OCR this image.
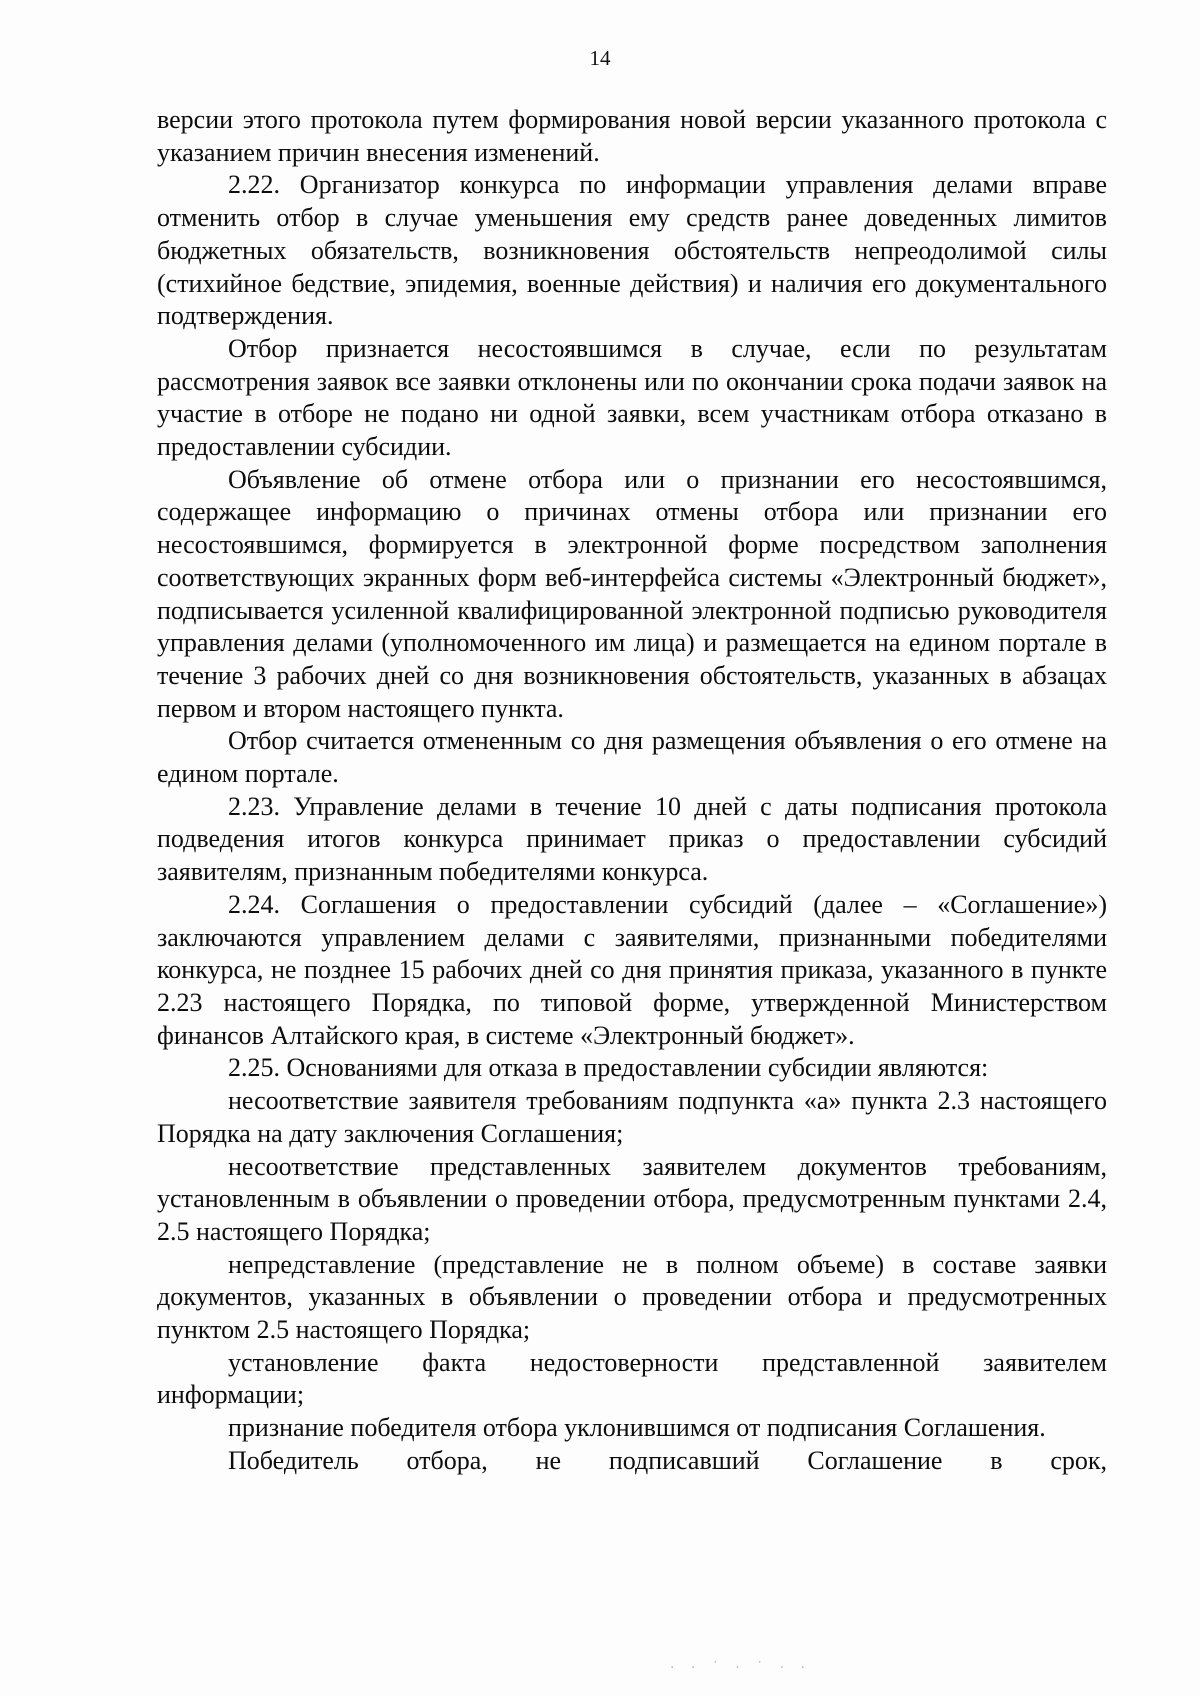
14

версии этого протокола путем формирования новой версии указанного протокола с указанием причин внесения изменений.

2.22. Организатор конкурса по информации управления делами вправе отменить отбор в случае уменьшения ему средств ранее доведенных лимитов бюджетных обязательств, возникновения обстоятельств непреодолимой силы (стихийное бедствие, эпидемия, военные действия) и наличия его документального подтверждения.

Отбор признается несостоявшимся в случае, если по результатам рассмотрения заявок все заявки отклонены или по окончании срока подачи заявок на участие в отборе не подано ни одной заявки, всем участникам отбора отказано в предоставлении субсидии.

Объявление об отмене отбора или о признании его несостоявшимся, содержащее информацию о причинах отмены отбора или признании его несостоявшимся, формируется в электронной форме посредством заполнения соответствующих экранных форм веб-интерфейса системы «Электронный бюджет», подписывается усиленной квалифицированной электронной подписью руководителя управления делами (уполномоченного им лица) и размещается на едином портале в течение 3 рабочих дней со дня возникновения обстоятельств, указанных в абзацах первом и втором настоящего пункта.

Отбор считается отмененным со дня размещения объявления о его отмене на едином портале.

2.23. Управление делами в течение 10 дней с даты подписания протокола подведения итогов конкурса принимает приказ о предоставлении субсидий заявителям, признанным победителями конкурса.

2.24. Соглашения о предоставлении субсидий (далее – «Соглашение») заключаются управлением делами с заявителями, признанными победителями конкурса, не позднее 15 рабочих дней со дня принятия приказа, указанного в пункте 2.23 настоящего Порядка, по типовой форме, утвержденной Министерством финансов Алтайского края, в системе «Электронный бюджет».

2.25. Основаниями для отказа в предоставлении субсидии являются:

несоответствие заявителя требованиям подпункта «а» пункта 2.3 настоящего Порядка на дату заключения Соглашения;

несоответствие представленных заявителем документов требованиям, установленным в объявлении о проведении отбора, предусмотренным пунктами 2.4, 2.5 настоящего Порядка;

непредставление (представление не в полном объеме) в составе заявки документов, указанных в объявлении о проведении отбора и предусмотренных пунктом 2.5 настоящего Порядка;

установление факта недостоверности представленной заявителем информации;

признание победителя отбора уклонившимся от подписания Соглашения.

Победитель отбора, не подписавший Соглашение в срок,

· · ˙ · ˙ · ·
